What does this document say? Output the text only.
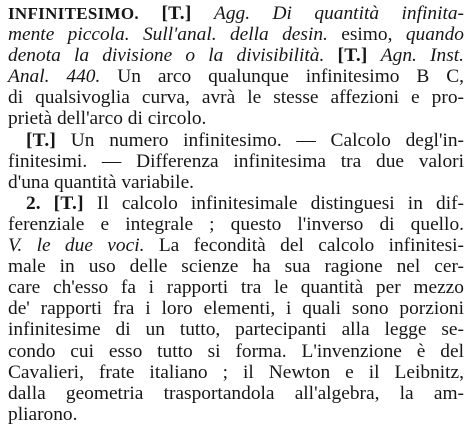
INFINITESIMO. [T.] Agg. Di quantità infinita-
mente piccola. Sull'anal. della desin. esimo, quando
denota la divisione o la divisibilità. [T.] Agn. Inst.
Anal. 440. Un arco qualunque infinitesimo B C,
di qualsivoglia curva, avrà le stesse affezioni e pro-
prietà dell'arco di circolo.
[T.] Un numero infinitesimo. — Calcolo degl'in-
finitesimi. — Differenza infinitesima tra due valori
d'una quantità variabile.
2. [T.] Il calcolo infinitesimale distinguesi in dif-
ferenziale e integrale ; questo l'inverso di quello.
V. le due voci. La fecondità del calcolo infinitesi-
male in uso delle scienze ha sua ragione nel cer-
care ch'esso fa i rapporti tra le quantità per mezzo
de' rapporti fra i loro elementi, i quali sono porzioni
infinitesime di un tutto, partecipanti alla legge se-
condo cui esso tutto si forma. L'invenzione è del
Cavalieri, frate italiano ; il Newton e il Leibnitz,
dalla geometria trasportandola all'algebra, la am-
pliarono.
